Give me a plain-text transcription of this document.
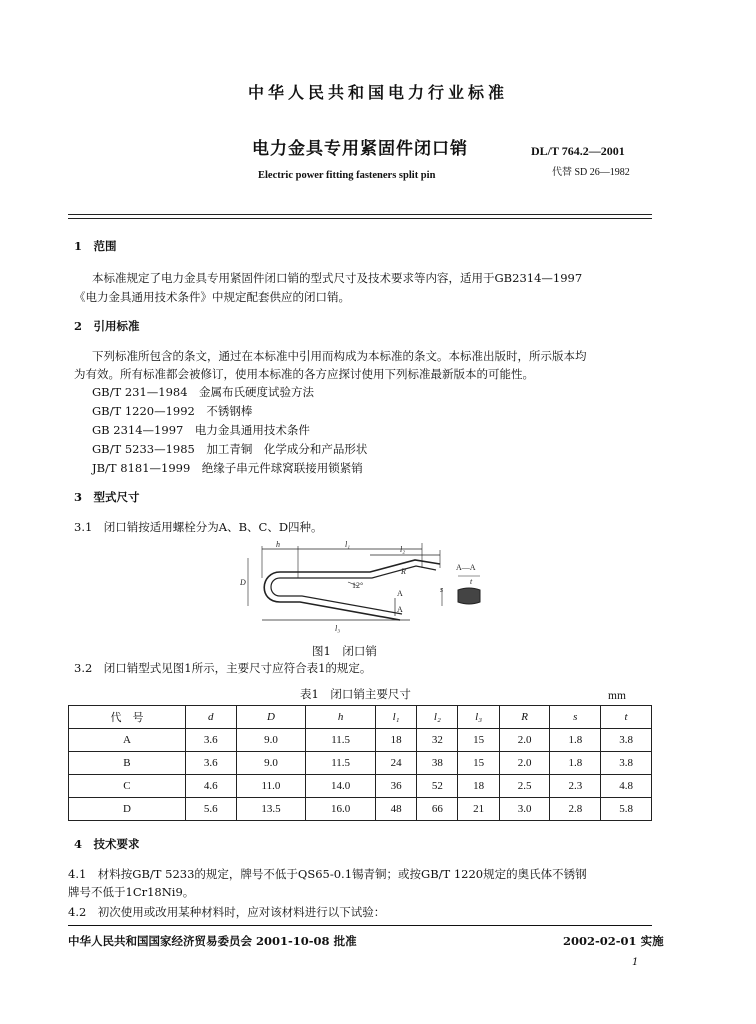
中华人民共和国电力行业标准
电力金具专用紧固件闭口销
Electric power fitting fasteners split pin
DL/T 764.2—2001
代替 SD 26—1982
1　范围
本标准规定了电力金具专用紧固件闭口销的型式尺寸及技术要求等内容，适用于GB2314—1997
《电力金具通用技术条件》中规定配套供应的闭口销。
2　引用标准
下列标准所包含的条文，通过在本标准中引用而构成为本标准的条文。本标准出版时，所示版本均
为有效。所有标准都会被修订，使用本标准的各方应探讨使用下列标准最新版本的可能性。
GB/T 231—1984　金属布氏硬度试验方法
GB/T 1220—1992　不锈钢棒
GB 2314—1997　电力金具通用技术条件
GB/T 5233—1985　加工青铜　化学成分和产品形状
JB/T 8181—1999　绝缘子串元件球窝联接用锁紧销
3　型式尺寸
3.1　闭口销按适用螺栓分为A、B、C、D四种。
h	l₁
l₂
l₃
D
R
12°
A
A
A—A
s
t
图1　闭口销
3.2　闭口销型式见图1所示，主要尺寸应符合表1的规定。
表1　闭口销主要尺寸	mm
代　号	d	D	h	l₁	l₂	l₃	R	s	t
A	3.6	9.0	11.5	18	32	15	2.0	1.8	3.8
B	3.6	9.0	11.5	24	38	15	2.0	1.8	3.8
C	4.6	11.0	14.0	36	52	18	2.5	2.3	4.8
D	5.6	13.5	16.0	48	66	21	3.0	2.8	5.8
4　技术要求
4.1　材料按GB/T 5233的规定，牌号不低于QS65-0.1锡青铜；或按GB/T 1220规定的奥氏体不锈钢
牌号不低于1Cr18Ni9。
4.2　初次使用或改用某种材料时，应对该材料进行以下试验：
中华人民共和国国家经济贸易委员会 2001-10-08 批准	2002-02-01 实施
1
